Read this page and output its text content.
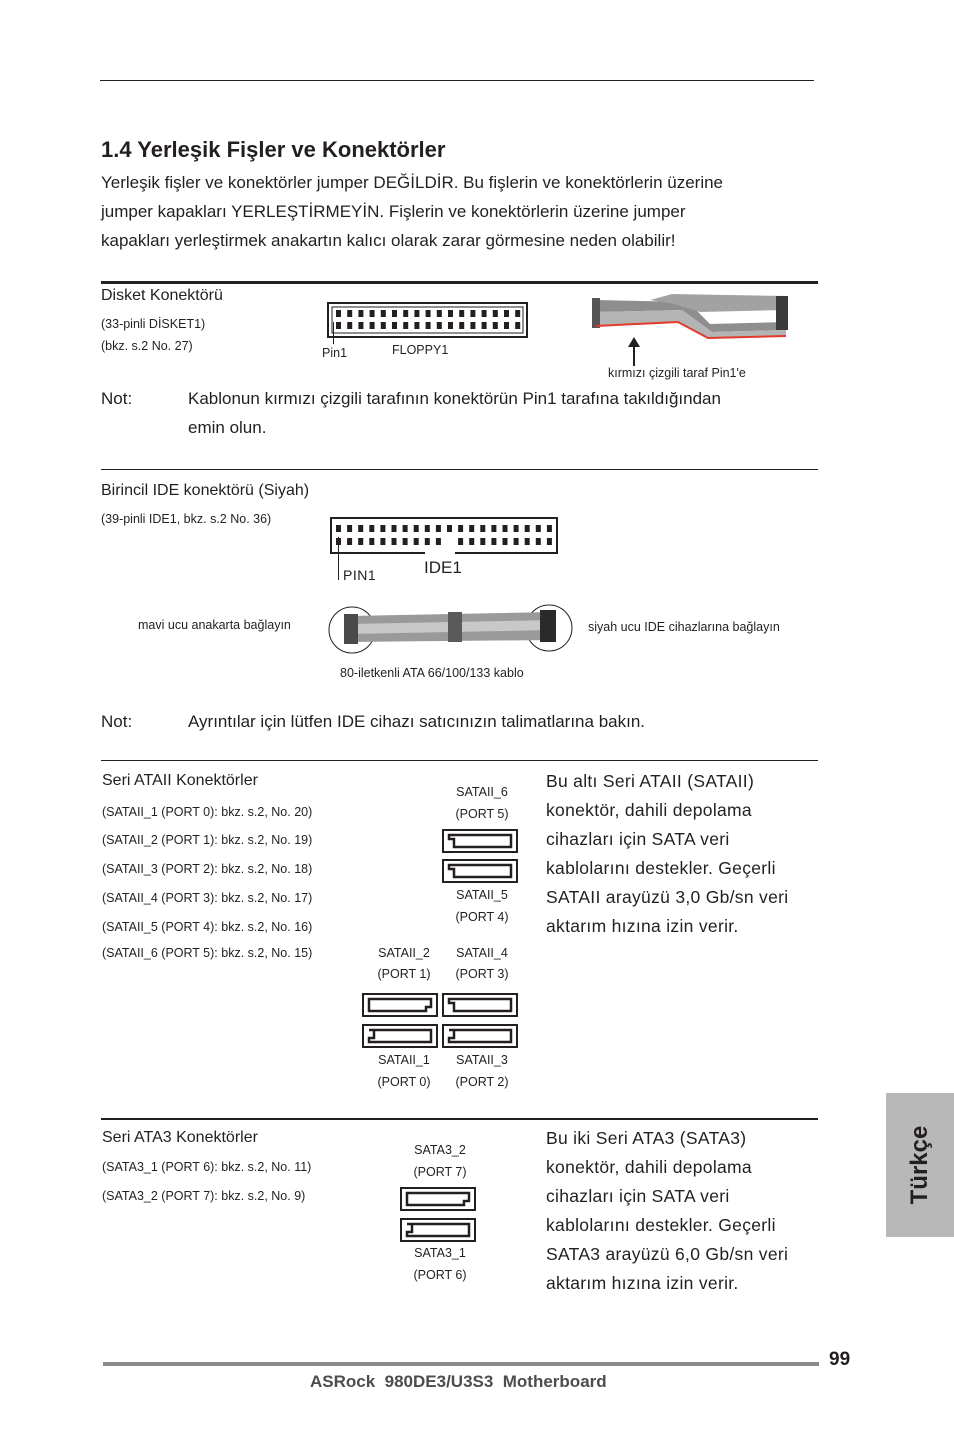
1.4 Yerleşik Fişler ve Konektörler
Yerleşik fişler ve konektörler jumper DEĞİLDİR. Bu fişlerin ve konektörlerin üzerine
jumper kapakları YERLEŞTİRMEYİN. Fişlerin ve konektörlerin üzerine jumper
kapakları yerleştirmek anakartın kalıcı olarak zarar görmesine neden olabilir!
Disket Konektörü
(33-pinli DİSKET1)
(bkz. s.2 No. 27)	Pin1	FLOPPY1
kırmızı çizgili taraf Pin1'e
Not:	Kablonun kırmızı çizgili tarafının konektörün Pin1 tarafına takıldığından
emin olun.
Birincil IDE konektörü (Siyah)
(39-pinli IDE1, bkz. s.2 No. 36)
PIN1	IDE1
mavi ucu anakarta bağlayın	siyah ucu IDE cihazlarına bağlayın
80-iletkenli ATA 66/100/133 kablo
Not:	Ayrıntılar için lütfen IDE cihazı satıcınızın talimatlarına bakın.
Seri ATAII Konektörler
(SATAII_1 (PORT 0): bkz. s.2, No. 20)
(SATAII_2 (PORT 1): bkz. s.2, No. 19)
(SATAII_3 (PORT 2): bkz. s.2, No. 18)
(SATAII_4 (PORT 3): bkz. s.2, No. 17)
(SATAII_5 (PORT 4): bkz. s.2, No. 16)
(SATAII_6 (PORT 5): bkz. s.2, No. 15)
SATAII_6
(PORT 5)
SATAII_5
(PORT 4)
SATAII_2
(PORT 1)
SATAII_4
(PORT 3)
SATAII_1
(PORT 0)
SATAII_3
(PORT 2)
Bu altı Seri ATAII (SATAII)
konektör, dahili depolama
cihazları için SATA veri
kablolarını destekler. Geçerli
SATAII arayüzü 3,0 Gb/sn veri
aktarım hızına izin verir.
Seri ATA3 Konektörler
(SATA3_1 (PORT 6): bkz. s.2, No. 11)
(SATA3_2 (PORT 7): bkz. s.2, No. 9)
SATA3_2
(PORT 7)
SATA3_1
(PORT 6)
Bu iki Seri ATA3 (SATA3)
konektör, dahili depolama
cihazları için SATA veri
kablolarını destekler. Geçerli
SATA3 arayüzü 6,0 Gb/sn veri
aktarım hızına izin verir.
Türkçe
99
ASRock  980DE3/U3S3  Motherboard
